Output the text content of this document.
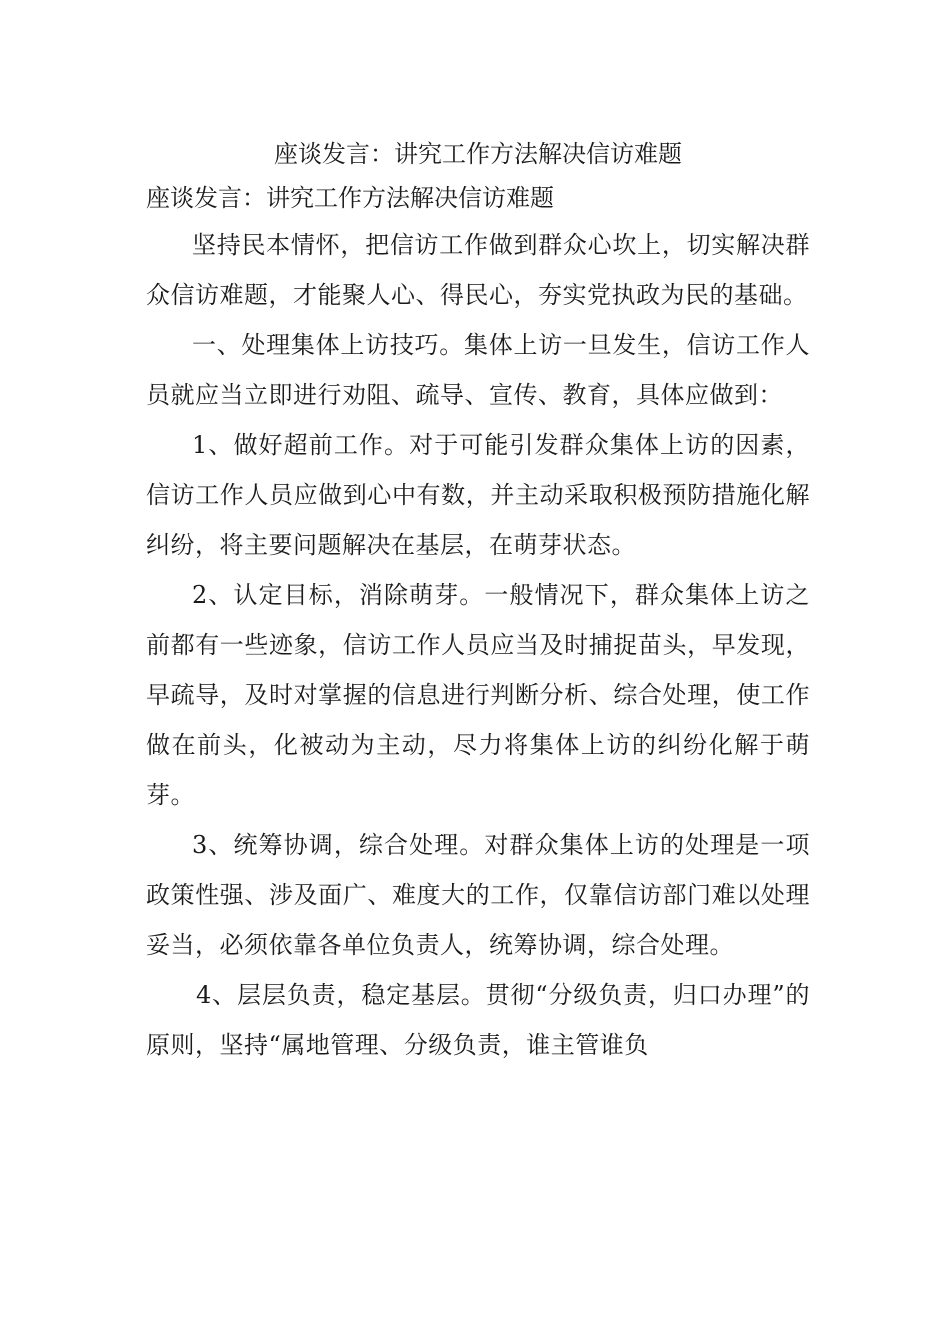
座谈发言：讲究工作方法解决信访难题

座谈发言：讲究工作方法解决信访难题

坚持民本情怀，把信访工作做到群众心坎上，切实解决群众信访难题，才能聚人心、得民心，夯实党执政为民的基础。

一、处理集体上访技巧。集体上访一旦发生，信访工作人员就应当立即进行劝阻、疏导、宣传、教育，具体应做到：

1、做好超前工作。对于可能引发群众集体上访的因素，信访工作人员应做到心中有数，并主动采取积极预防措施化解纠纷，将主要问题解决在基层，在萌芽状态。

2、认定目标，消除萌芽。一般情况下，群众集体上访之前都有一些迹象，信访工作人员应当及时捕捉苗头，早发现，早疏导，及时对掌握的信息进行判断分析、综合处理，使工作做在前头，化被动为主动，尽力将集体上访的纠纷化解于萌芽。

3、统筹协调，综合处理。对群众集体上访的处理是一项政策性强、涉及面广、难度大的工作，仅靠信访部门难以处理妥当，必须依靠各单位负责人，统筹协调，综合处理。

4、层层负责，稳定基层。贯彻“分级负责，归口办理”的原则，坚持“属地管理、分级负责，谁主管谁负
